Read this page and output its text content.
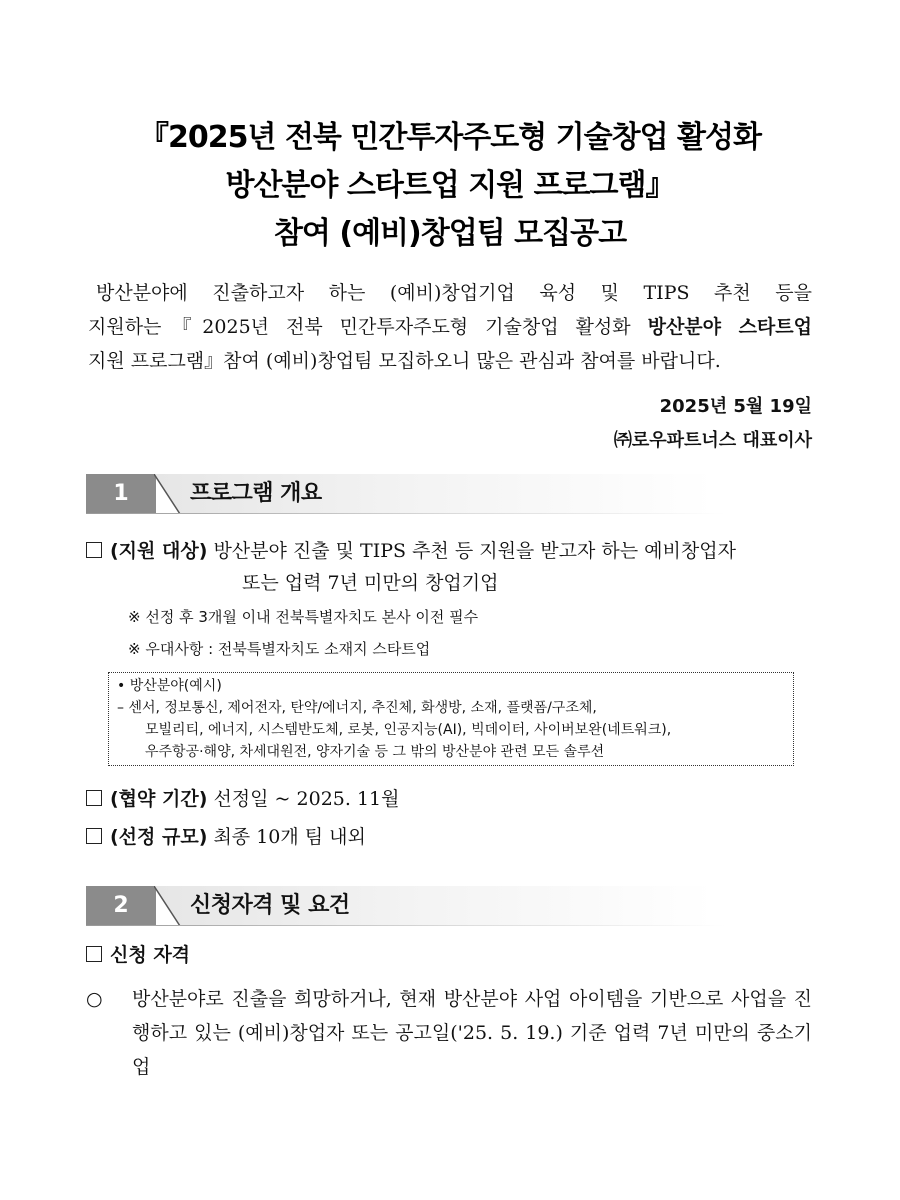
『2025년 전북 민간투자주도형 기술창업 활성화
방산분야 스타트업 지원 프로그램』
참여 (예비)창업팀 모집공고
방산분야에 진출하고자 하는 (예비)창업기업 육성 및 TIPS 추천 등을
지원하는『2025년 전북 민간투자주도형 기술창업 활성화 방산분야 스타트업
지원 프로그램』참여 (예비)창업팀 모집하오니 많은 관심과 참여를 바랍니다.
2025년 5월 19일
㈜로우파트너스 대표이사
1	프로그램 개요
(지원 대상) 방산분야 진출 및 TIPS 추천 등 지원을 받고자 하는 예비창업자
또는 업력 7년 미만의 창업기업
※ 선정 후 3개월 이내 전북특별자치도 본사 이전 필수
※ 우대사항 : 전북특별자치도 소재지 스타트업
• 방산분야(예시)
– 센서, 정보통신, 제어전자, 탄약/에너지, 추진체, 화생방, 소재, 플랫폼/구조체,
모빌리티, 에너지, 시스템반도체, 로봇, 인공지능(AI), 빅데이터, 사이버보완(네트워크),
우주항공·해양, 차세대원전, 양자기술 등 그 밖의 방산분야 관련 모든 솔루션
(협약 기간) 선정일 ~ 2025. 11월
(선정 규모) 최종 10개 팀 내외
2	신청자격 및 요건
신청 자격
○	방산분야로 진출을 희망하거나, 현재 방산분야 사업 아이템을 기반으로 사업을 진행하고 있는 (예비)창업자 또는 공고일('25. 5. 19.) 기준 업력 7년 미만의 중소기업
